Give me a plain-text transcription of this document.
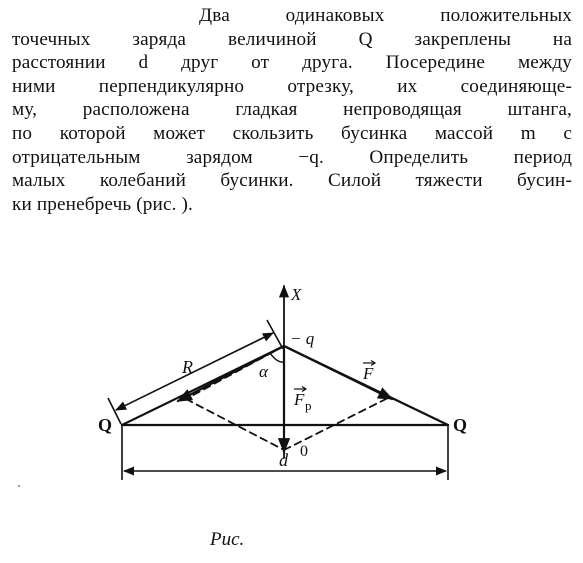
Два одинаковых положительных
точечных заряда величиной Q закреплены на
расстоянии d друг от друга. Посередине между
ними перпендикулярно отрезку, их соединяюще-
му, расположена гладкая непроводящая штанга,
по которой может скользить бусинка массой m с
отрицательным зарядом −q. Определить период
малых колебаний бусинки. Силой тяжести бусин-
ки пренебречь (рис. ).
X
− q
Q	Q
R	α	F
F р
0
d
Рис.
